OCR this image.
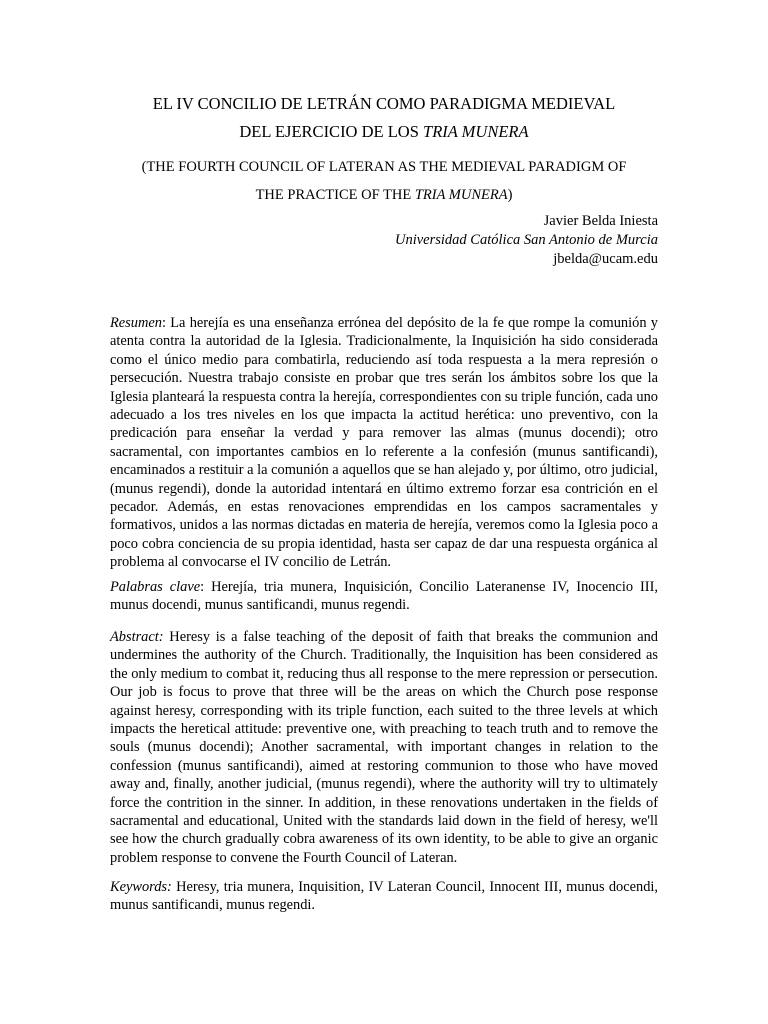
EL IV CONCILIO DE LETRÁN COMO PARADIGMA MEDIEVAL
DEL EJERCICIO DE LOS TRIA MUNERA
(THE FOURTH COUNCIL OF LATERAN AS THE MEDIEVAL PARADIGM OF
THE PRACTICE OF THE TRIA MUNERA)
Javier Belda Iniesta
Universidad Católica San Antonio de Murcia
jbelda@ucam.edu

Resumen: La herejía es una enseñanza errónea del depósito de la fe que rompe la comunión y atenta contra la autoridad de la Iglesia. Tradicionalmente, la Inquisición ha sido considerada como el único medio para combatirla, reduciendo así toda respuesta a la mera represión o persecución. Nuestra trabajo consiste en probar que tres serán los ámbitos sobre los que la Iglesia planteará la respuesta contra la herejía, correspondientes con su triple función, cada uno adecuado a los tres niveles en los que impacta la actitud herética: uno preventivo, con la predicación para enseñar la verdad y para remover las almas (munus docendi); otro sacramental, con importantes cambios en lo referente a la confesión (munus santificandi), encaminados a restituir a la comunión a aquellos que se han alejado y, por último, otro judicial, (munus regendi), donde la autoridad intentará en último extremo forzar esa contrición en el pecador. Además, en estas renovaciones emprendidas en los campos sacramentales y formativos, unidos a las normas dictadas en materia de herejía, veremos como la Iglesia poco a poco cobra conciencia de su propia identidad, hasta ser capaz de dar una respuesta orgánica al problema al convocarse el IV concilio de Letrán.

Palabras clave: Herejía, tria munera, Inquisición, Concilio Lateranense IV, Inocencio III, munus docendi, munus santificandi, munus regendi.

Abstract: Heresy is a false teaching of the deposit of faith that breaks the communion and undermines the authority of the Church. Traditionally, the Inquisition has been considered as the only medium to combat it, reducing thus all response to the mere repression or persecution. Our job is focus to prove that three will be the areas on which the Church pose response against heresy, corresponding with its triple function, each suited to the three levels at which impacts the heretical attitude: preventive one, with preaching to teach truth and to remove the souls (munus docendi); Another sacramental, with important changes in relation to the confession (munus santificandi), aimed at restoring communion to those who have moved away and, finally, another judicial, (munus regendi), where the authority will try to ultimately force the contrition in the sinner. In addition, in these renovations undertaken in the fields of sacramental and educational, United with the standards laid down in the field of heresy, we'll see how the church gradually cobra awareness of its own identity, to be able to give an organic problem response to convene the Fourth Council of Lateran.

Keywords: Heresy, tria munera, Inquisition, IV Lateran Council, Innocent III, munus docendi, munus santificandi, munus regendi.
